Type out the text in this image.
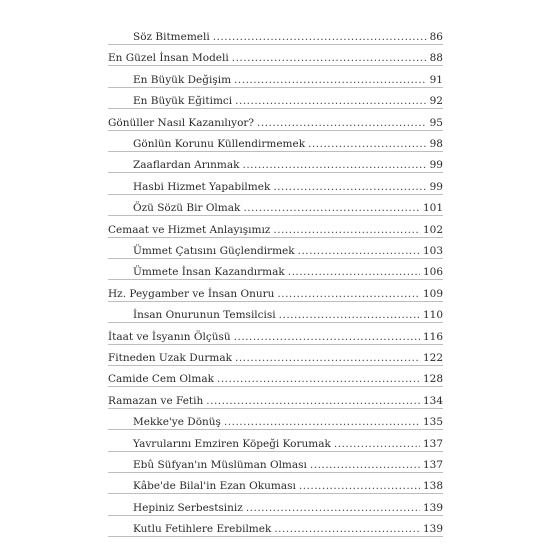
Söz Bitmemeli .....	86
En Güzel İnsan Modeli .....	88
En Büyük Değişim .....	91
En Büyük Eğitimci .....	92
Gönüller Nasıl Kazanılıyor? .....	95
Gönlün Korunu Küllendirmemek .....	98
Zaaflardan Arınmak .....	99
Hasbi Hizmet Yapabilmek .....	99
Özü Sözü Bir Olmak .....	101
Cemaat ve Hizmet Anlayışımız .....	102
Ümmet Çatısını Güçlendirmek .....	103
Ümmete İnsan Kazandırmak .....	106
Hz. Peygamber ve İnsan Onuru .....	109
İnsan Onurunun Temsilcisi .....	110
İtaat ve İsyanın Ölçüsü .....	116
Fitneden Uzak Durmak .....	122
Camide Cem Olmak .....	128
Ramazan ve Fetih .....	134
Mekke'ye Dönüş .....	135
Yavrularını Emziren Köpeği Korumak .....	137
Ebû Süfyan'ın Müslüman Olması .....	137
Kâbe'de Bilal'in Ezan Okuması .....	138
Hepiniz Serbestsiniz .....	139
Kutlu Fetihlere Erebilmek .....	139
